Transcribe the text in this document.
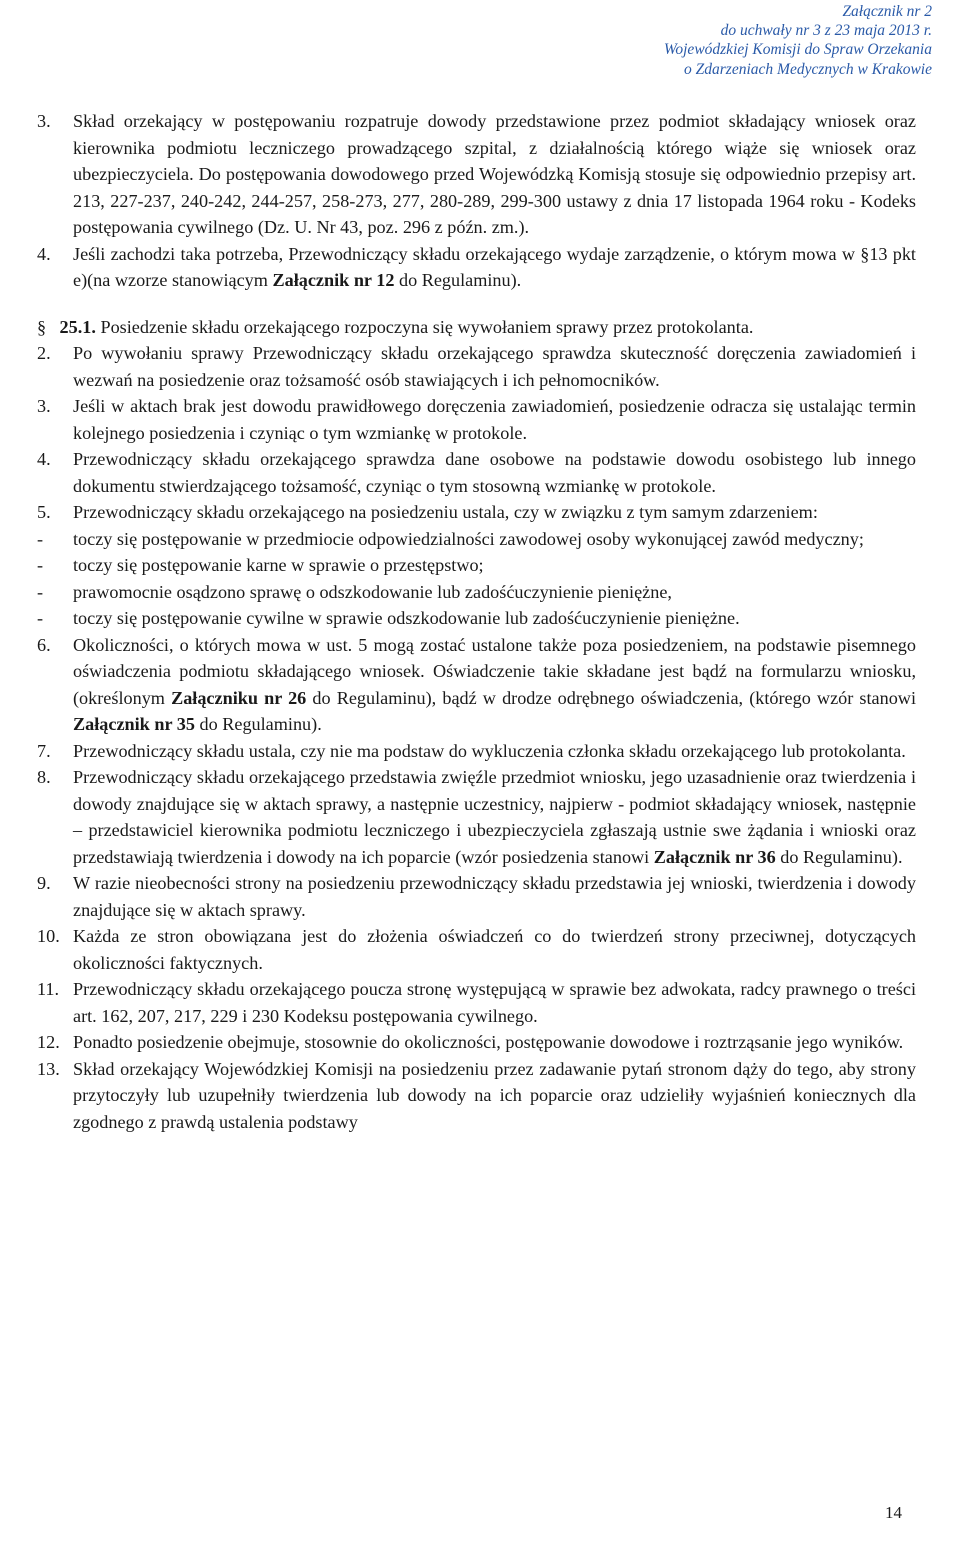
Załącznik nr 2
do uchwały nr 3 z 23 maja 2013 r.
Wojewódzkiej Komisji do Spraw Orzekania
o Zdarzeniach Medycznych w Krakowie
3. Skład orzekający w postępowaniu rozpatruje dowody przedstawione przez podmiot składający wniosek oraz kierownika podmiotu leczniczego prowadzącego szpital, z działalnością którego wiąże się wniosek oraz ubezpieczyciela. Do postępowania dowodowego przed Wojewódzką Komisją stosuje się odpowiednio przepisy art. 213, 227-237, 240-242, 244-257, 258-273, 277, 280-289, 299-300 ustawy z dnia 17 listopada 1964 roku - Kodeks postępowania cywilnego (Dz. U. Nr 43, poz. 296 z późn. zm.).
4. Jeśli zachodzi taka potrzeba, Przewodniczący składu orzekającego wydaje zarządzenie, o którym mowa w §13 pkt e)(na wzorze stanowiącym Załącznik nr 12 do Regulaminu).
§ 25.1. Posiedzenie składu orzekającego rozpoczyna się wywołaniem sprawy przez protokolanta.
2. Po wywołaniu sprawy Przewodniczący składu orzekającego sprawdza skuteczność doręczenia zawiadomień i wezwań na posiedzenie oraz tożsamość osób stawiających i ich pełnomocników.
3. Jeśli w aktach brak jest dowodu prawidłowego doręczenia zawiadomień, posiedzenie odracza się ustalając termin kolejnego posiedzenia i czyniąc o tym wzmiankę w protokole.
4. Przewodniczący składu orzekającego sprawdza dane osobowe na podstawie dowodu osobistego lub innego dokumentu stwierdzającego tożsamość, czyniąc o tym stosowną wzmiankę w protokole.
5. Przewodniczący składu orzekającego na posiedzeniu ustala, czy w związku z tym samym zdarzeniem:
- toczy się postępowanie w przedmiocie odpowiedzialności zawodowej osoby wykonującej zawód medyczny;
- toczy się postępowanie karne w sprawie o przestępstwo;
- prawomocnie osądzono sprawę o odszkodowanie lub zadośćuczynienie pieniężne,
- toczy się postępowanie cywilne w sprawie odszkodowanie lub zadośćuczynienie pieniężne.
6. Okoliczności, o których mowa w ust. 5 mogą zostać ustalone także poza posiedzeniem, na podstawie pisemnego oświadczenia podmiotu składającego wniosek. Oświadczenie takie składane jest bądź na formularzu wniosku, (określonym Załączniku nr 26 do Regulaminu), bądź w drodze odrębnego oświadczenia, (którego wzór stanowi Załącznik nr 35 do Regulaminu).
7. Przewodniczący składu ustala, czy nie ma podstaw do wykluczenia członka składu orzekającego lub protokolanta.
8. Przewodniczący składu orzekającego przedstawia zwięźle przedmiot wniosku, jego uzasadnienie oraz twierdzenia i dowody znajdujące się w aktach sprawy, a następnie uczestnicy, najpierw - podmiot składający wniosek, następnie – przedstawiciel kierownika podmiotu leczniczego i ubezpieczyciela zgłaszają ustnie swe żądania i wnioski oraz przedstawiają twierdzenia i dowody na ich poparcie (wzór posiedzenia stanowi Załącznik nr 36 do Regulaminu).
9. W razie nieobecności strony na posiedzeniu przewodniczący składu przedstawia jej wnioski, twierdzenia i dowody znajdujące się w aktach sprawy.
10. Każda ze stron obowiązana jest do złożenia oświadczeń co do twierdzeń strony przeciwnej, dotyczących okoliczności faktycznych.
11. Przewodniczący składu orzekającego poucza stronę występującą w sprawie bez adwokata, radcy prawnego o treści art. 162, 207, 217, 229 i 230 Kodeksu postępowania cywilnego.
12. Ponadto posiedzenie obejmuje, stosownie do okoliczności, postępowanie dowodowe i roztrząsanie jego wyników.
13. Skład orzekający Wojewódzkiej Komisji na posiedzeniu przez zadawanie pytań stronom dąży do tego, aby strony przytoczyły lub uzupełniły twierdzenia lub dowody na ich poparcie oraz udzieliły wyjaśnień koniecznych dla zgodnego z prawdą ustalenia podstawy
14
